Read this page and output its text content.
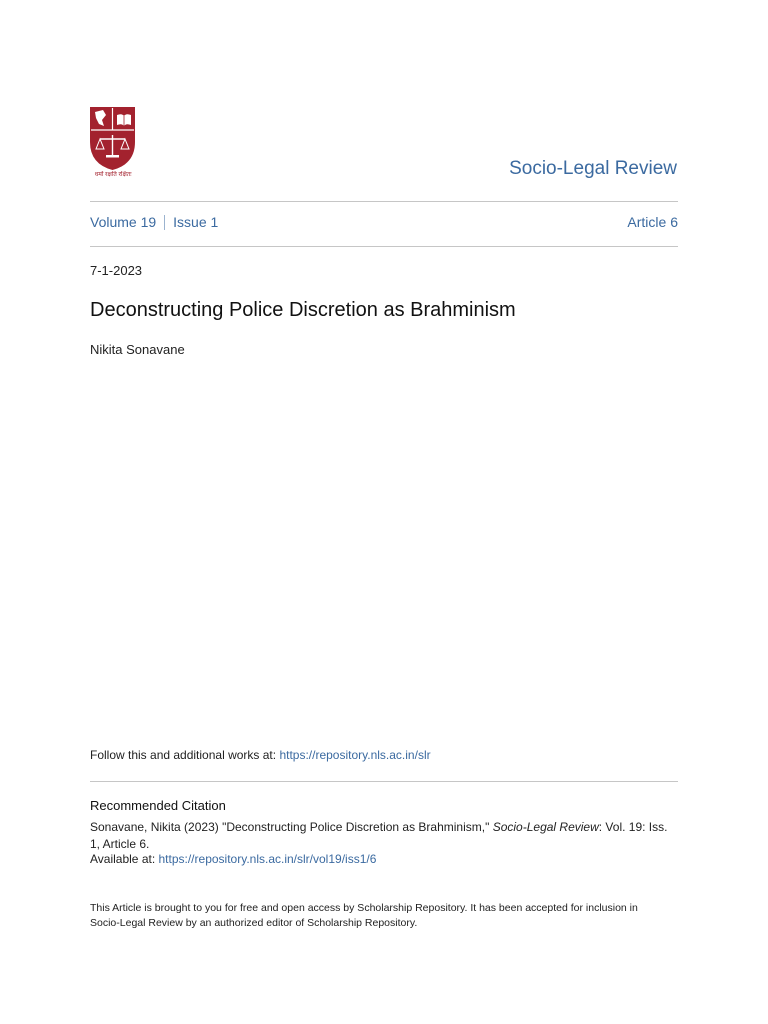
धर्मो रक्षति रक्षितः	Socio-Legal Review
Volume 19 Issue 1	Article 6
7-1-2023
Deconstructing Police Discretion as Brahminism
Nikita Sonavane
Follow this and additional works at: https://repository.nls.ac.in/slr
Recommended Citation
Sonavane, Nikita (2023) "Deconstructing Police Discretion as Brahminism," Socio-Legal Review: Vol. 19: Iss. 1, Article 6.
Available at: https://repository.nls.ac.in/slr/vol19/iss1/6
This Article is brought to you for free and open access by Scholarship Repository. It has been accepted for inclusion in Socio-Legal Review by an authorized editor of Scholarship Repository.
